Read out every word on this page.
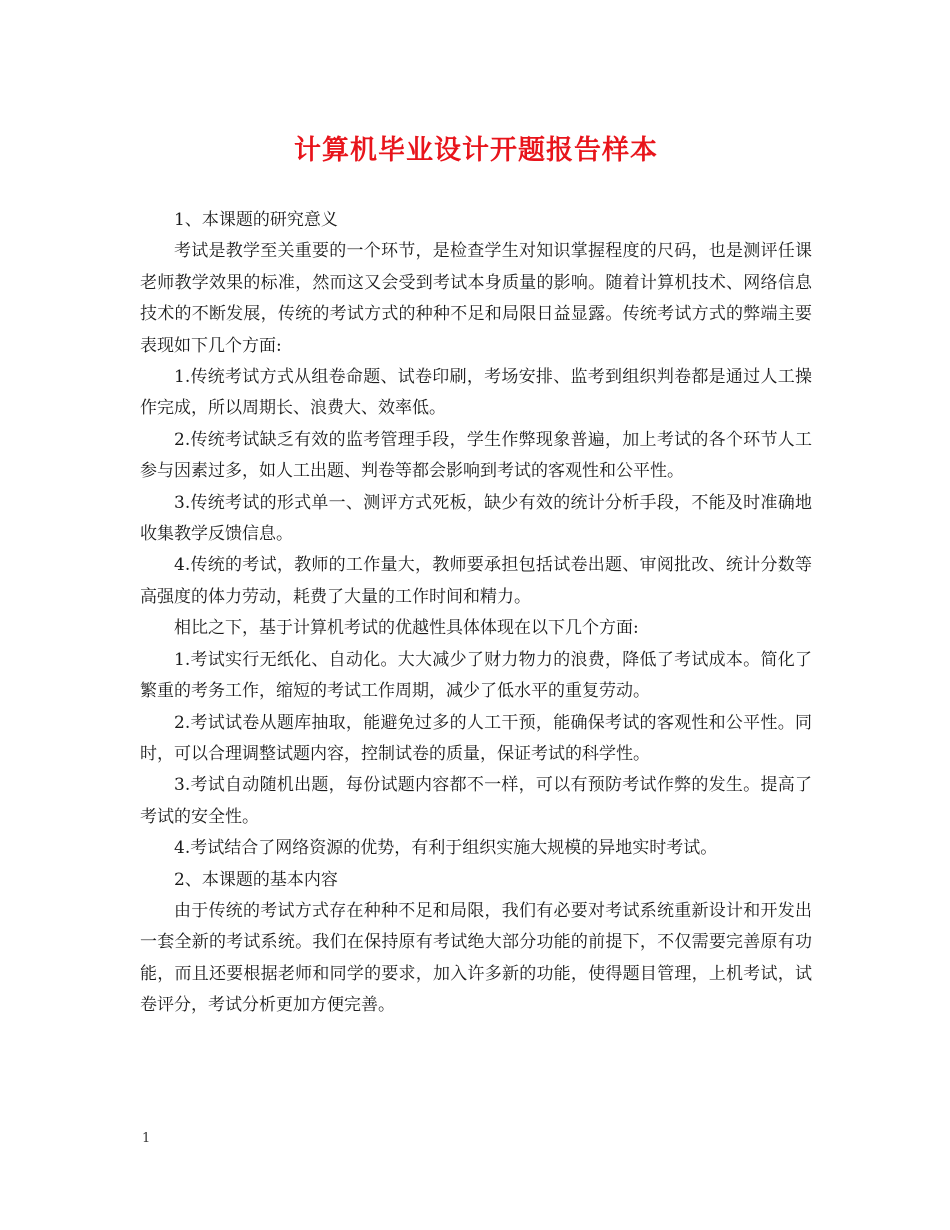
计算机毕业设计开题报告样本

1、本课题的研究意义

考试是教学至关重要的一个环节，是检查学生对知识掌握程度的尺码，也是测评任课老师教学效果的标准，然而这又会受到考试本身质量的影响。随着计算机技术、网络信息技术的不断发展，传统的考试方式的种种不足和局限日益显露。传统考试方式的弊端主要表现如下几个方面:

1.传统考试方式从组卷命题、试卷印刷，考场安排、监考到组织判卷都是通过人工操作完成，所以周期长、浪费大、效率低。

2.传统考试缺乏有效的监考管理手段，学生作弊现象普遍，加上考试的各个环节人工参与因素过多，如人工出题、判卷等都会影响到考试的客观性和公平性。

3.传统考试的形式单一、测评方式死板，缺少有效的统计分析手段，不能及时准确地收集教学反馈信息。

4.传统的考试，教师的工作量大，教师要承担包括试卷出题、审阅批改、统计分数等高强度的体力劳动，耗费了大量的工作时间和精力。

相比之下，基于计算机考试的优越性具体体现在以下几个方面:

1.考试实行无纸化、自动化。大大减少了财力物力的浪费，降低了考试成本。简化了繁重的考务工作，缩短的考试工作周期，减少了低水平的重复劳动。

2.考试试卷从题库抽取，能避免过多的人工干预，能确保考试的客观性和公平性。同时，可以合理调整试题内容，控制试卷的质量，保证考试的科学性。

3.考试自动随机出题，每份试题内容都不一样，可以有预防考试作弊的发生。提高了考试的安全性。

4.考试结合了网络资源的优势，有利于组织实施大规模的异地实时考试。

2、本课题的基本内容

由于传统的考试方式存在种种不足和局限，我们有必要对考试系统重新设计和开发出一套全新的考试系统。我们在保持原有考试绝大部分功能的前提下，不仅需要完善原有功能，而且还要根据老师和同学的要求，加入许多新的功能，使得题目管理，上机考试，试卷评分，考试分析更加方便完善。

1
